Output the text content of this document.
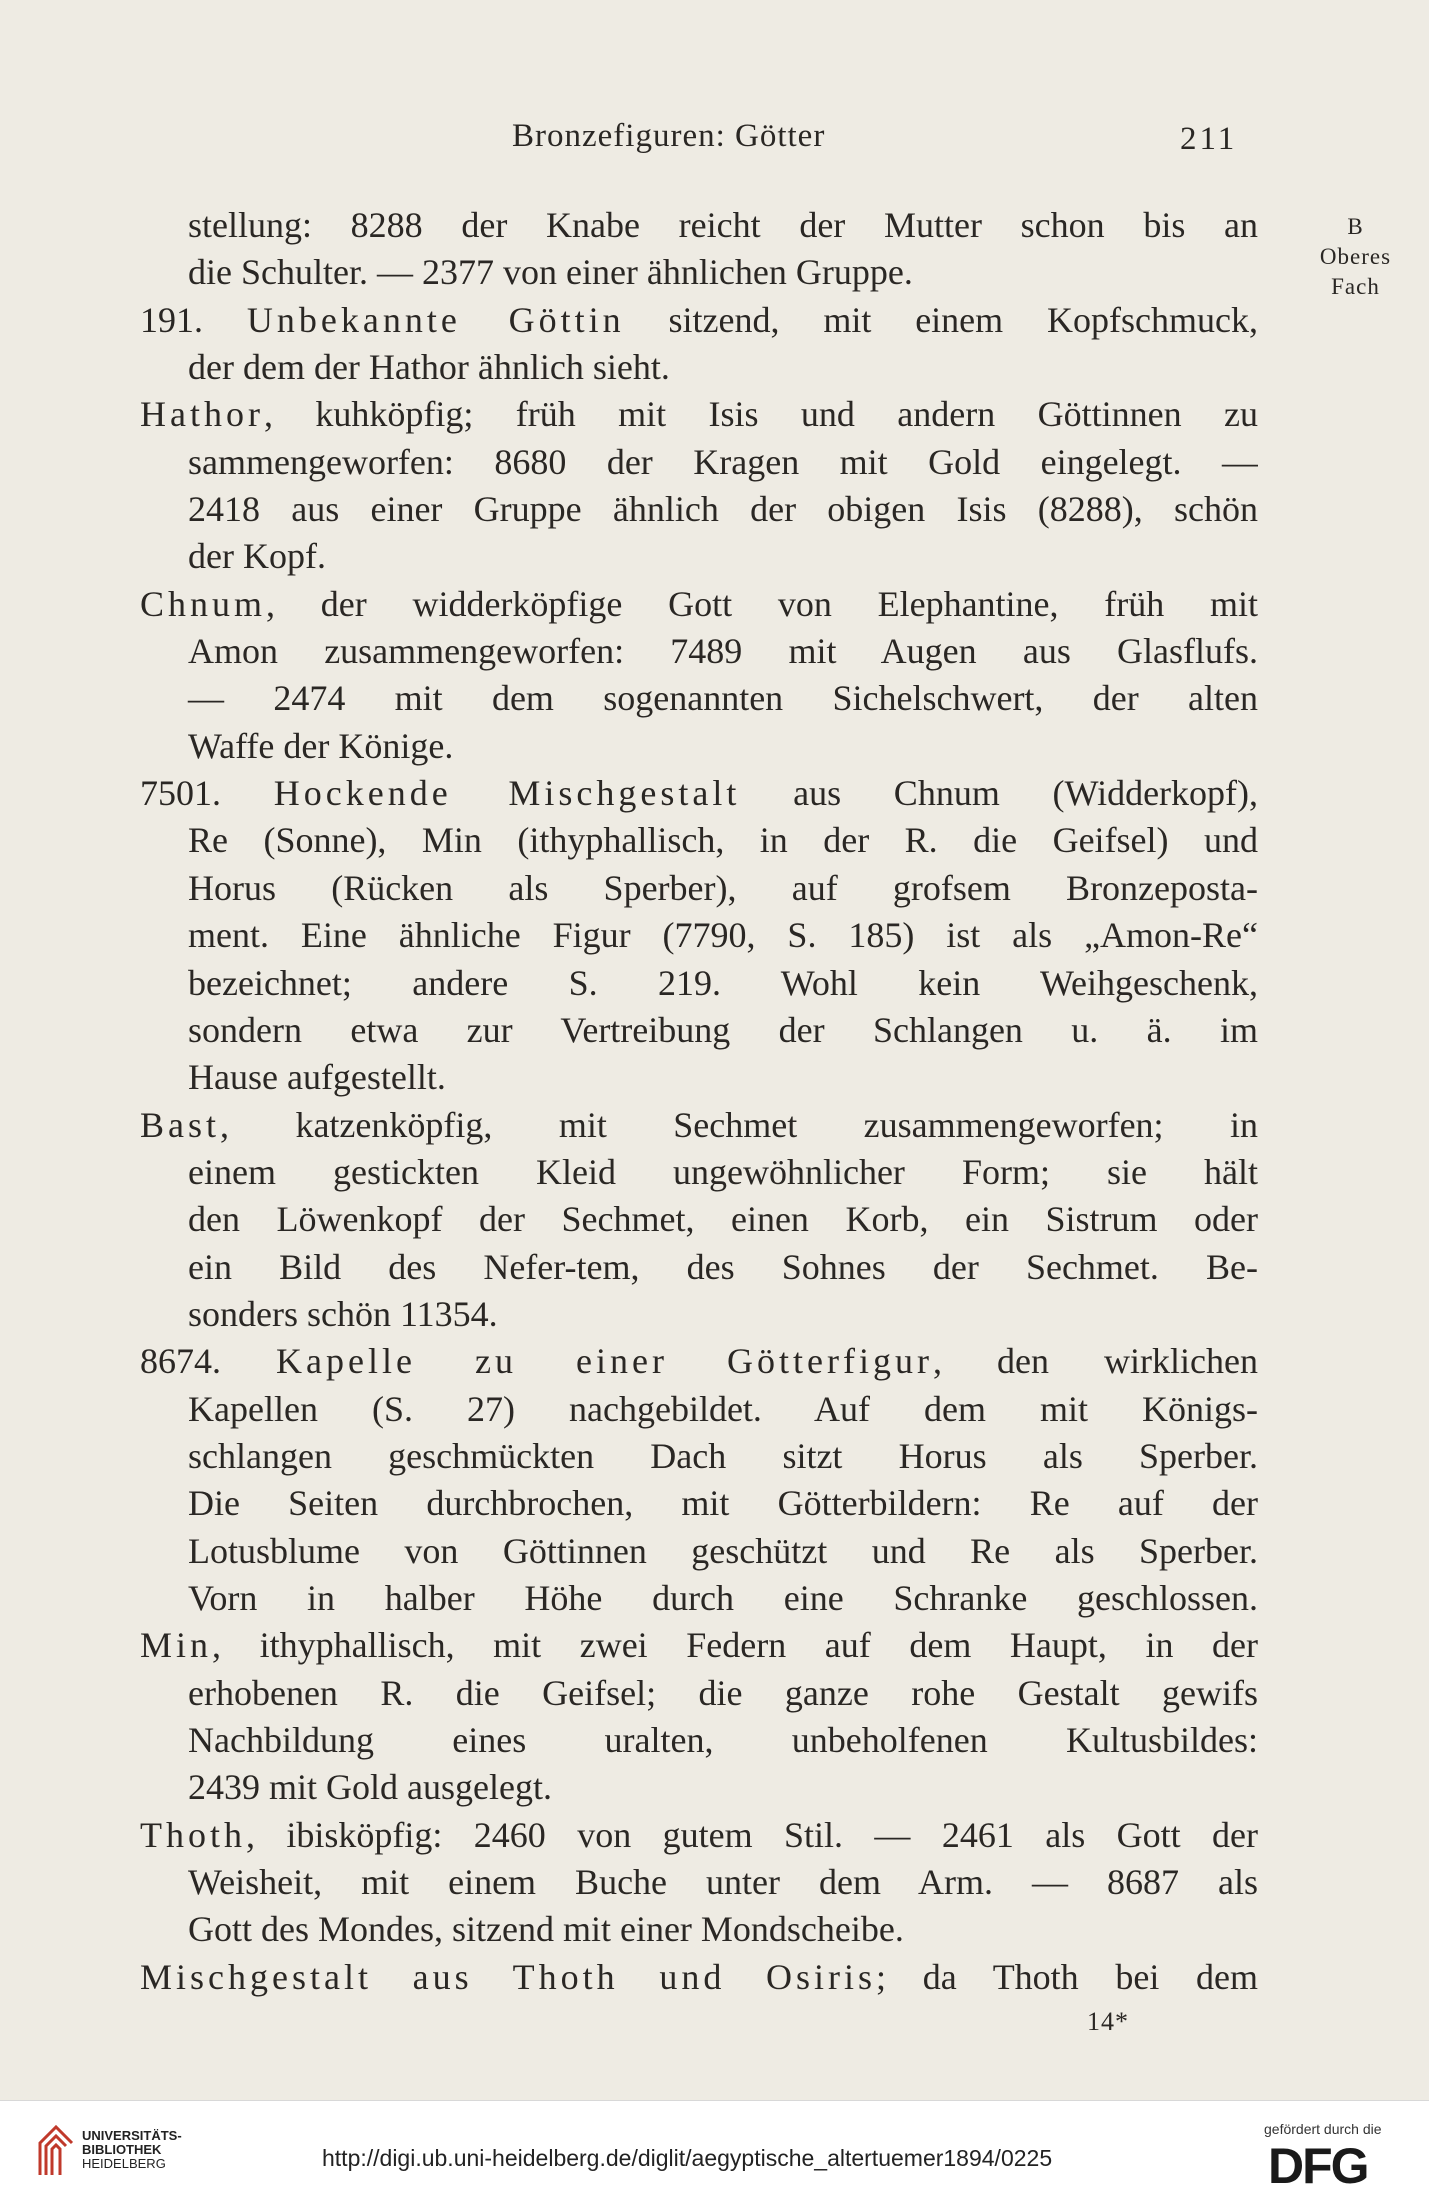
Bronzefiguren: Götter	211
B
Oberes
Fach
stellung: 8288 der Knabe reicht der Mutter schon bis an
die Schulter. — 2377 von einer ähnlichen Gruppe.
191. Unbekannte Göttin sitzend, mit einem Kopfschmuck,
der dem der Hathor ähnlich sieht.
Hathor, kuhköpfig; früh mit Isis und andern Göttinnen zu
sammengeworfen: 8680 der Kragen mit Gold eingelegt. —
2418 aus einer Gruppe ähnlich der obigen Isis (8288), schön
der Kopf.
Chnum, der widderköpfige Gott von Elephantine, früh mit
Amon zusammengeworfen: 7489 mit Augen aus Glasflufs.
— 2474 mit dem sogenannten Sichelschwert, der alten
Waffe der Könige.
7501. Hockende Mischgestalt aus Chnum (Widderkopf),
Re (Sonne), Min (ithyphallisch, in der R. die Geifsel) und
Horus (Rücken als Sperber), auf grofsem Bronzeposta-
ment. Eine ähnliche Figur (7790, S. 185) ist als „Amon-Re“
bezeichnet; andere S. 219. Wohl kein Weihgeschenk,
sondern etwa zur Vertreibung der Schlangen u. ä. im
Hause aufgestellt.
Bast, katzenköpfig, mit Sechmet zusammengeworfen; in
einem gestickten Kleid ungewöhnlicher Form; sie hält
den Löwenkopf der Sechmet, einen Korb, ein Sistrum oder
ein Bild des Nefer-tem, des Sohnes der Sechmet. Be-
sonders schön 11354.
8674. Kapelle zu einer Götterfigur, den wirklichen
Kapellen (S. 27) nachgebildet. Auf dem mit Königs-
schlangen geschmückten Dach sitzt Horus als Sperber.
Die Seiten durchbrochen, mit Götterbildern: Re auf der
Lotusblume von Göttinnen geschützt und Re als Sperber.
Vorn in halber Höhe durch eine Schranke geschlossen.
Min, ithyphallisch, mit zwei Federn auf dem Haupt, in der
erhobenen R. die Geifsel; die ganze rohe Gestalt gewifs
Nachbildung eines uralten, unbeholfenen Kultusbildes:
2439 mit Gold ausgelegt.
Thoth, ibisköpfig: 2460 von gutem Stil. — 2461 als Gott der
Weisheit, mit einem Buche unter dem Arm. — 8687 als
Gott des Mondes, sitzend mit einer Mondscheibe.
Mischgestalt aus Thoth und Osiris; da Thoth bei dem
14*
UNIVERSITÄTS-
BIBLIOTHEK
HEIDELBERG	http://digi.ub.uni-heidelberg.de/diglit/aegyptische_altertuemer1894/0225
gefördert durch die
DFG
